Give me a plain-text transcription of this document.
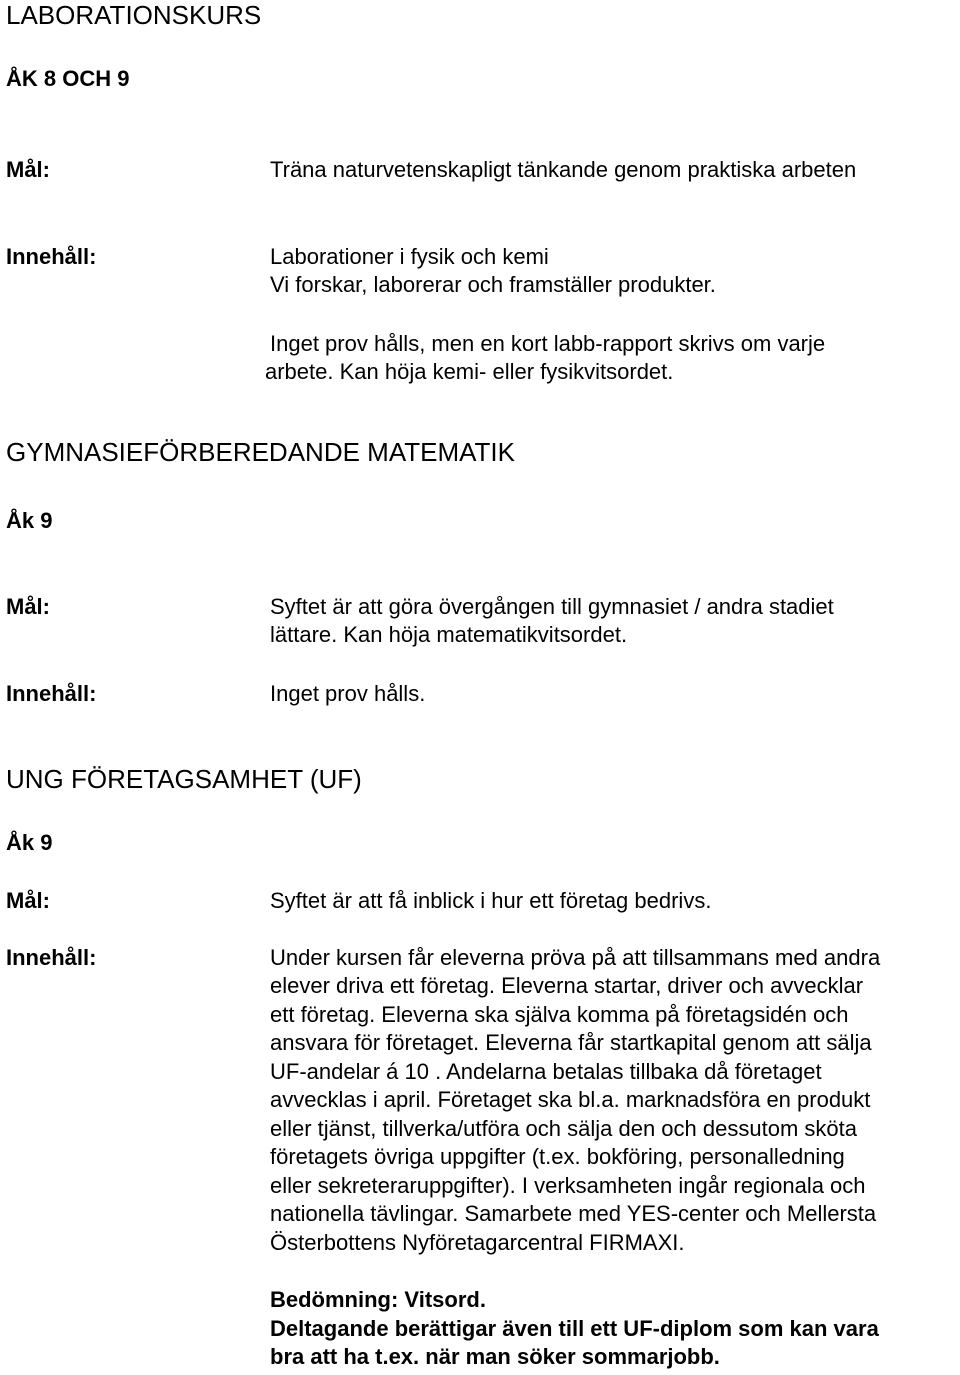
LABORATIONSKURS
ÅK 8 OCH 9
Mål:	Träna naturvetenskapligt tänkande genom praktiska arbeten
Innehåll:	Laborationer i fysik och kemi
Vi forskar, laborerar och framställer produkter.
Inget prov hålls, men en kort labb-rapport skrivs om varje
arbete. Kan höja kemi- eller fysikvitsordet.
GYMNASIEFÖRBEREDANDE MATEMATIK
Åk 9
Mål:	Syftet är att göra övergången till gymnasiet / andra stadiet
lättare. Kan höja matematikvitsordet.
Innehåll:	Inget prov hålls.
UNG FÖRETAGSAMHET (UF)
Åk 9
Mål:	Syftet är att få inblick i hur ett företag bedrivs.
Innehåll:	Under kursen får eleverna pröva på att tillsammans med andra
elever driva ett företag. Eleverna startar, driver och avvecklar
ett företag. Eleverna ska själva komma på företagsidén och
ansvara för företaget. Eleverna får startkapital genom att sälja
UF-andelar á 10 . Andelarna betalas tillbaka då företaget
avvecklas i april. Företaget ska bl.a. marknadsföra en produkt
eller tjänst, tillverka/utföra och sälja den och dessutom sköta
företagets övriga uppgifter (t.ex. bokföring, personalledning
eller sekreteraruppgifter). I verksamheten ingår regionala och
nationella tävlingar. Samarbete med YES-center och Mellersta
Österbottens Nyföretagarcentral FIRMAXI.
Bedömning: Vitsord.
Deltagande berättigar även till ett UF-diplom som kan vara
bra att ha t.ex. när man söker sommarjobb.
